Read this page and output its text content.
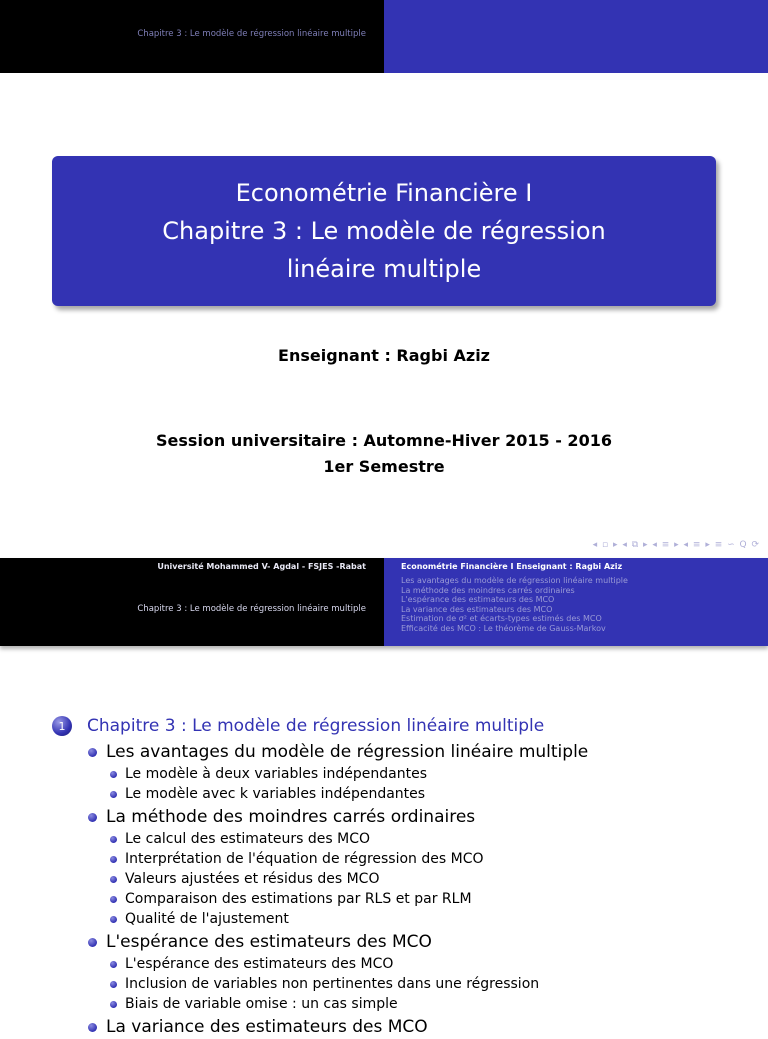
Chapitre 3 : Le modèle de régression linéaire multiple
Econométrie Financière I
Chapitre 3 : Le modèle de régression
linéaire multiple
Enseignant : Ragbi Aziz
Session universitaire : Automne-Hiver 2015 - 2016
1er Semestre
◂ ▫ ▸ ◂ ⧉ ▸ ◂ ≡ ▸ ◂ ≡ ▸ ≡ ∽ Q ⟳
Université Mohammed V- Agdal - FSJES -Rabat
Chapitre 3 : Le modèle de régression linéaire multiple
Econométrie Financière I Enseignant : Ragbi Aziz
Les avantages du modèle de régression linéaire multiple
La méthode des moindres carrés ordinaires
L'espérance des estimateurs des MCO
La variance des estimateurs des MCO
Estimation de σ² et écarts-types estimés des MCO
Efficacité des MCO : Le théorème de Gauss-Markov
1	Chapitre 3 : Le modèle de régression linéaire multiple
Les avantages du modèle de régression linéaire multiple
Le modèle à deux variables indépendantes
Le modèle avec k variables indépendantes
La méthode des moindres carrés ordinaires
Le calcul des estimateurs des MCO
Interprétation de l'équation de régression des MCO
Valeurs ajustées et résidus des MCO
Comparaison des estimations par RLS et par RLM
Qualité de l'ajustement
L'espérance des estimateurs des MCO
L'espérance des estimateurs des MCO
Inclusion de variables non pertinentes dans une régression
Biais de variable omise : un cas simple
La variance des estimateurs des MCO
